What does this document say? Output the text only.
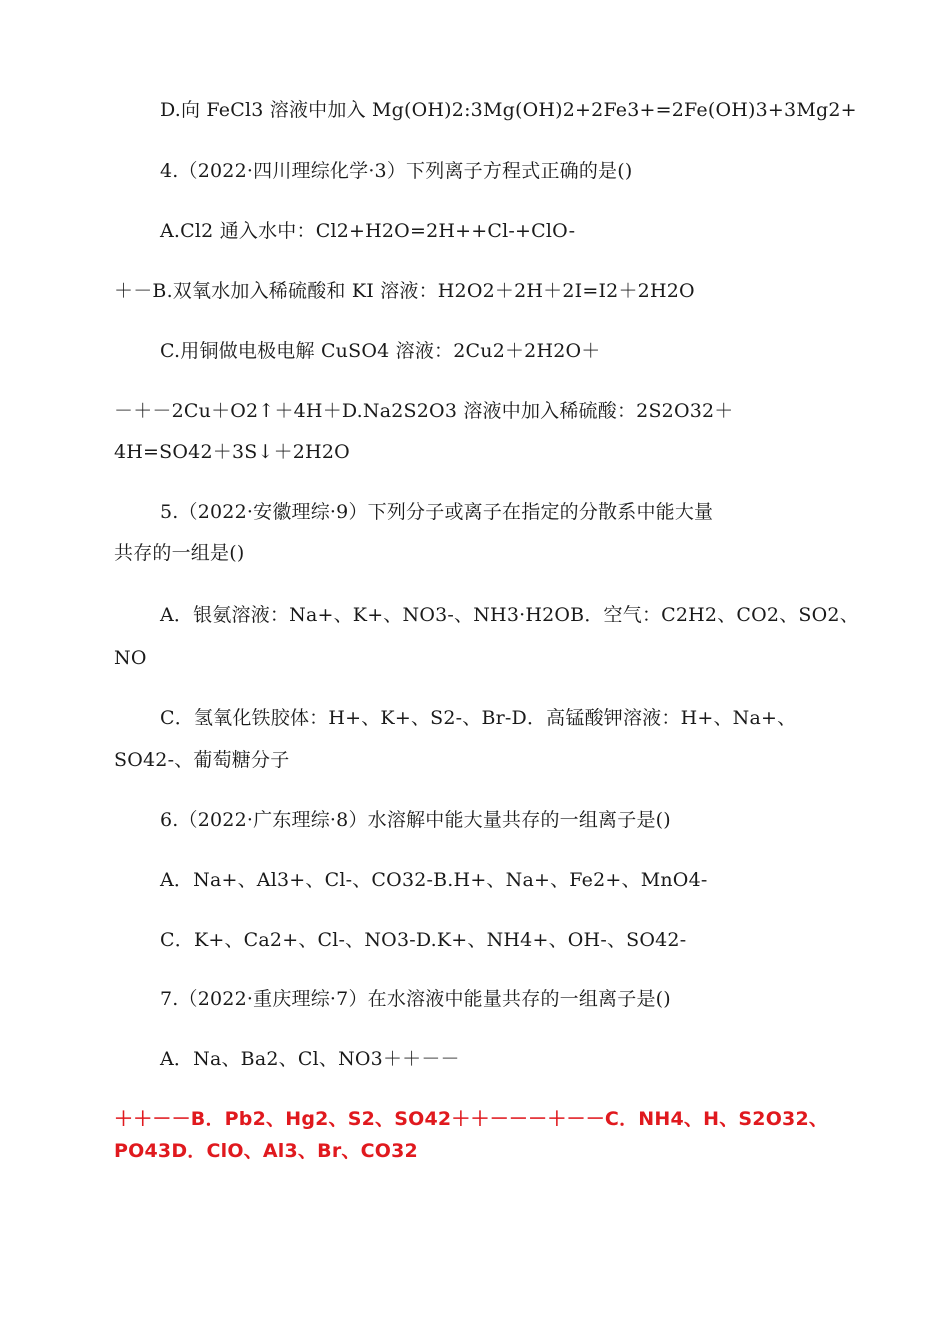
D.向 FeCl3 溶液中加入 Mg(OH)2:3Mg(OH)2+2Fe3+=2Fe(OH)3+3Mg2+
4.（2022·四川理综化学·3）下列离子方程式正确的是()
A.Cl2 通入水中：Cl2+H2O=2H++Cl-+ClO-
＋－B.双氧水加入稀硫酸和 KI 溶液：H2O2＋2H＋2I=I2＋2H2O
C.用铜做电极电解 CuSO4 溶液：2Cu2＋2H2O＋
－＋－2Cu＋O2↑＋4H＋D.Na2S2O3 溶液中加入稀硫酸：2S2O32＋
4H=SO42＋3S↓＋2H2O
5.（2022·安徽理综·9）下列分子或离子在指定的分散系中能大量
共存的一组是()
A．银氨溶液：Na+、K+、NO3-、NH3·H2OB．空气：C2H2、CO2、SO2、
NO
C．氢氧化铁胶体：H+、K+、S2-、Br-D．高锰酸钾溶液：H+、Na+、
SO42-、葡萄糖分子
6.（2022·广东理综·8）水溶解中能大量共存的一组离子是()
A．Na+、Al3+、Cl-、CO32-B.H+、Na+、Fe2+、MnO4-
C．K+、Ca2+、Cl-、NO3-D.K+、NH4+、OH-、SO42-
7.（2022·重庆理综·7）在水溶液中能量共存的一组离子是()
A．Na、Ba2、Cl、NO3＋＋－－
＋＋－－B．Pb2、Hg2、S2、SO42＋＋－－－＋－－C．NH4、H、S2O32、
PO43D．ClO、Al3、Br、CO32
